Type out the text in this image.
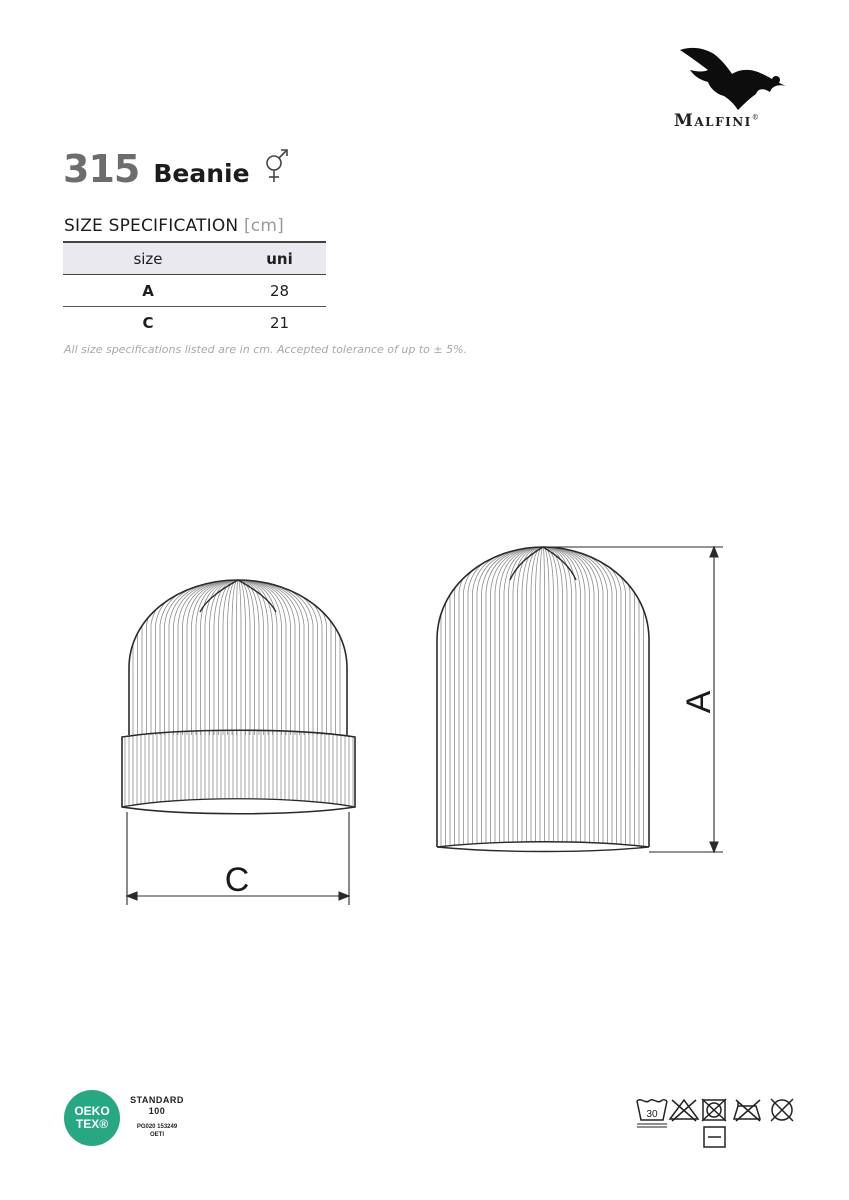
Malfini®
315 Beanie
SIZE SPECIFICATION [cm]
size	uni
A	28
C	21
All size specifications listed are in cm. Accepted tolerance of up to ± 5%.
C
A
OEKO
TEX®
STANDARD
100
PG020 153249
OETI
30
